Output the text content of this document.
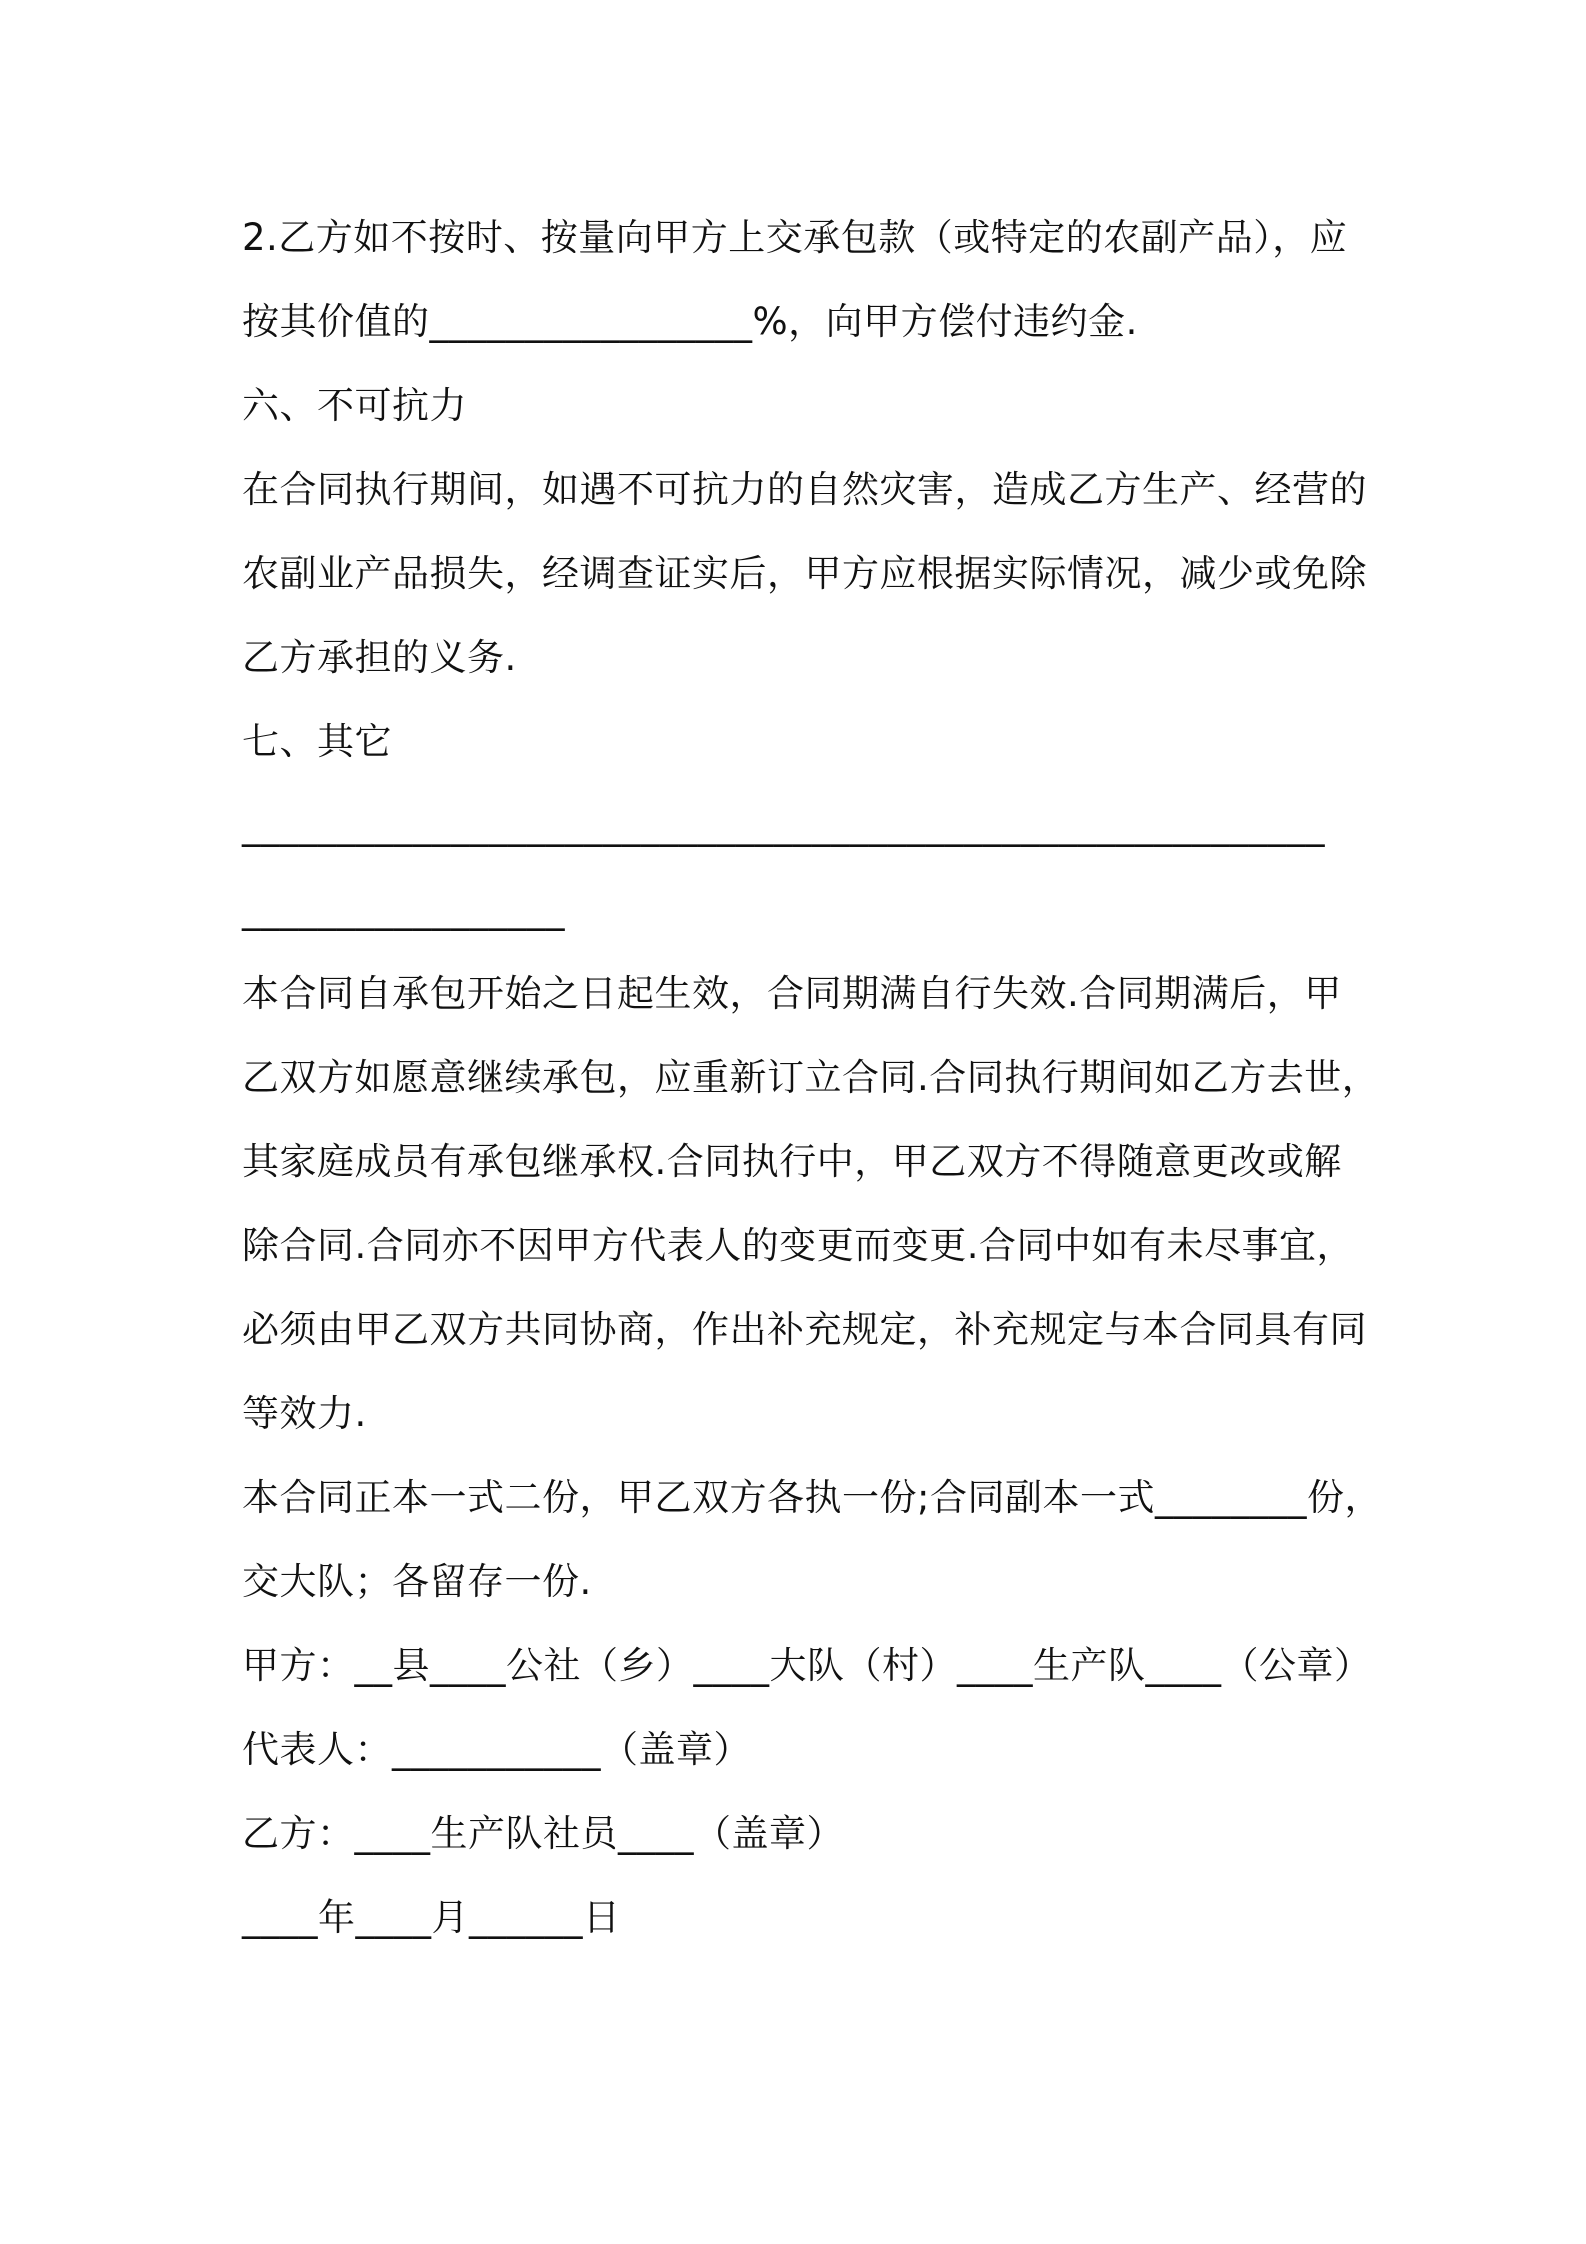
2.乙方如不按时、按量向甲方上交承包款（或特定的农副产品），应
按其价值的_________________%，向甲方偿付违约金.
六、不可抗力
在合同执行期间，如遇不可抗力的自然灾害，造成乙方生产、经营的
农副业产品损失，经调查证实后，甲方应根据实际情况，减少或免除
乙方承担的义务.
七、其它
_________________________________________________________
_________________
本合同自承包开始之日起生效，合同期满自行失效.合同期满后，甲
乙双方如愿意继续承包，应重新订立合同.合同执行期间如乙方去世，
其家庭成员有承包继承权.合同执行中，甲乙双方不得随意更改或解
除合同.合同亦不因甲方代表人的变更而变更.合同中如有未尽事宜，
必须由甲乙双方共同协商，作出补充规定，补充规定与本合同具有同
等效力.
本合同正本一式二份，甲乙双方各执一份;合同副本一式________份，
交大队；各留存一份.
甲方：__县____公社（乡）____大队（村）____生产队____（公章）
代表人：___________（盖章）
乙方：____生产队社员____（盖章）
____年____月______日
